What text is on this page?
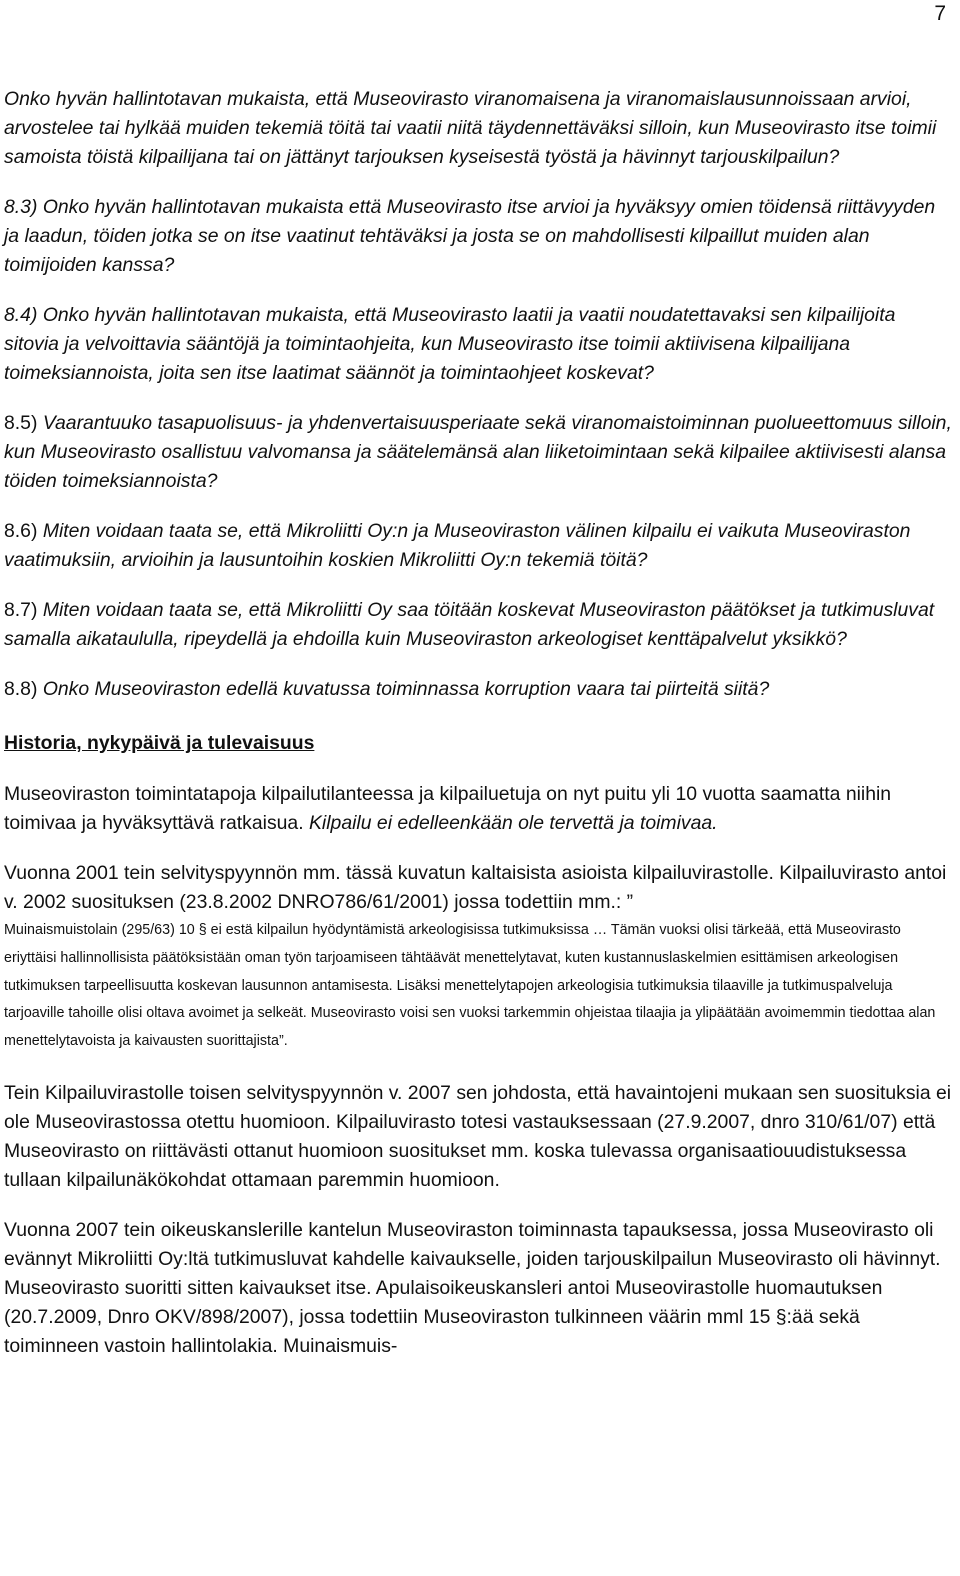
7

Onko hyvän hallintotavan mukaista, että Museovirasto viranomaisena ja viranomaislausunnoissaan arvioi, arvostelee tai hylkää muiden tekemiä töitä tai vaatii niitä täydennettäväksi silloin, kun Museovirasto itse toimii samoista töistä kilpailijana tai on jättänyt tarjouksen kyseisestä työstä ja hävinnyt tarjouskilpailun?

8.3) Onko hyvän hallintotavan mukaista että Museovirasto itse arvioi ja hyväksyy omien töidensä riittävyyden ja laadun, töiden jotka se on itse vaatinut tehtäväksi ja josta se on mahdollisesti kilpaillut muiden alan toimijoiden kanssa?

8.4) Onko hyvän hallintotavan mukaista, että Museovirasto laatii ja vaatii noudatettavaksi sen kilpailijoita sitovia ja velvoittavia sääntöjä ja toimintaohjeita, kun Museovirasto itse toimii aktiivisena kilpailijana toimeksiannoista, joita sen itse laatimat säännöt ja toimintaohjeet koskevat?

8.5) Vaarantuuko tasapuolisuus- ja yhdenvertaisuusperiaate sekä viranomaistoiminnan puolueettomuus silloin, kun Museovirasto osallistuu valvomansa ja säätelemänsä alan liiketoimintaan sekä kilpailee aktiivisesti alansa töiden toimeksiannoista?

8.6) Miten voidaan taata se, että Mikroliitti Oy:n ja Museoviraston välinen kilpailu ei vaikuta Museoviraston vaatimuksiin, arvioihin ja lausuntoihin koskien Mikroliitti Oy:n tekemiä töitä?

8.7) Miten voidaan taata se, että Mikroliitti Oy saa töitään koskevat Museoviraston päätökset ja tutkimusluvat samalla aikataululla, ripeydellä ja ehdoilla kuin Museoviraston arkeologiset kenttäpalvelut yksikkö?

8.8) Onko Museoviraston edellä kuvatussa toiminnassa korruption vaara tai piirteitä siitä?

Historia, nykypäivä ja tulevaisuus

Museoviraston toimintatapoja kilpailutilanteessa ja kilpailuetuja on nyt puitu yli 10 vuotta saamatta niihin toimivaa ja hyväksyttävä ratkaisua. Kilpailu ei edelleenkään ole tervettä ja toimivaa.

Vuonna 2001 tein selvityspyynnön mm. tässä kuvatun kaltaisista asioista kilpailuvirastolle. Kilpailuvirasto antoi v. 2002 suosituksen (23.8.2002 DNRO786/61/2001) jossa todettiin mm.: ”

Muinaismuistolain (295/63) 10 § ei estä kilpailun hyödyntämistä arkeologisissa tutkimuksissa … Tämän vuoksi olisi tärkeää, että Museovirasto eriyttäisi hallinnollisista päätöksistään oman työn tarjoamiseen tähtäävät menettelytavat, kuten kustannuslaskelmien esittämisen arkeologisen tutkimuksen tarpeellisuutta koskevan lausunnon antamisesta. Lisäksi menettelytapojen arkeologisia tutkimuksia tilaaville ja tutkimuspalveluja tarjoaville tahoille olisi oltava avoimet ja selkeät. Museovirasto voisi sen vuoksi tarkemmin ohjeistaa tilaajia ja ylipäätään avoimemmin tiedottaa alan menettelytavoista ja kaivausten suorittajista”.

Tein Kilpailuvirastolle toisen selvityspyynnön v. 2007 sen johdosta, että havaintojeni mukaan sen suosituksia ei ole Museovirastossa otettu huomioon. Kilpailuvirasto totesi vastauksessaan (27.9.2007, dnro 310/61/07) että Museovirasto on riittävästi ottanut huomioon suositukset mm. koska tulevassa organisaatiouudistuksessa tullaan kilpailunäkökohdat ottamaan paremmin huomioon.

Vuonna 2007 tein oikeuskanslerille kantelun Museoviraston toiminnasta tapauksessa, jossa Museovirasto oli evännyt Mikroliitti Oy:ltä tutkimusluvat kahdelle kaivaukselle, joiden tarjouskilpailun Museovirasto oli hävinnyt. Museovirasto suoritti sitten kaivaukset itse. Apulaisoikeuskansleri antoi Museovirastolle huomautuksen (20.7.2009, Dnro OKV/898/2007), jossa todettiin Museoviraston tulkinneen väärin mml 15 §:ää sekä toiminneen vastoin hallintolakia. Muinaismuis-
